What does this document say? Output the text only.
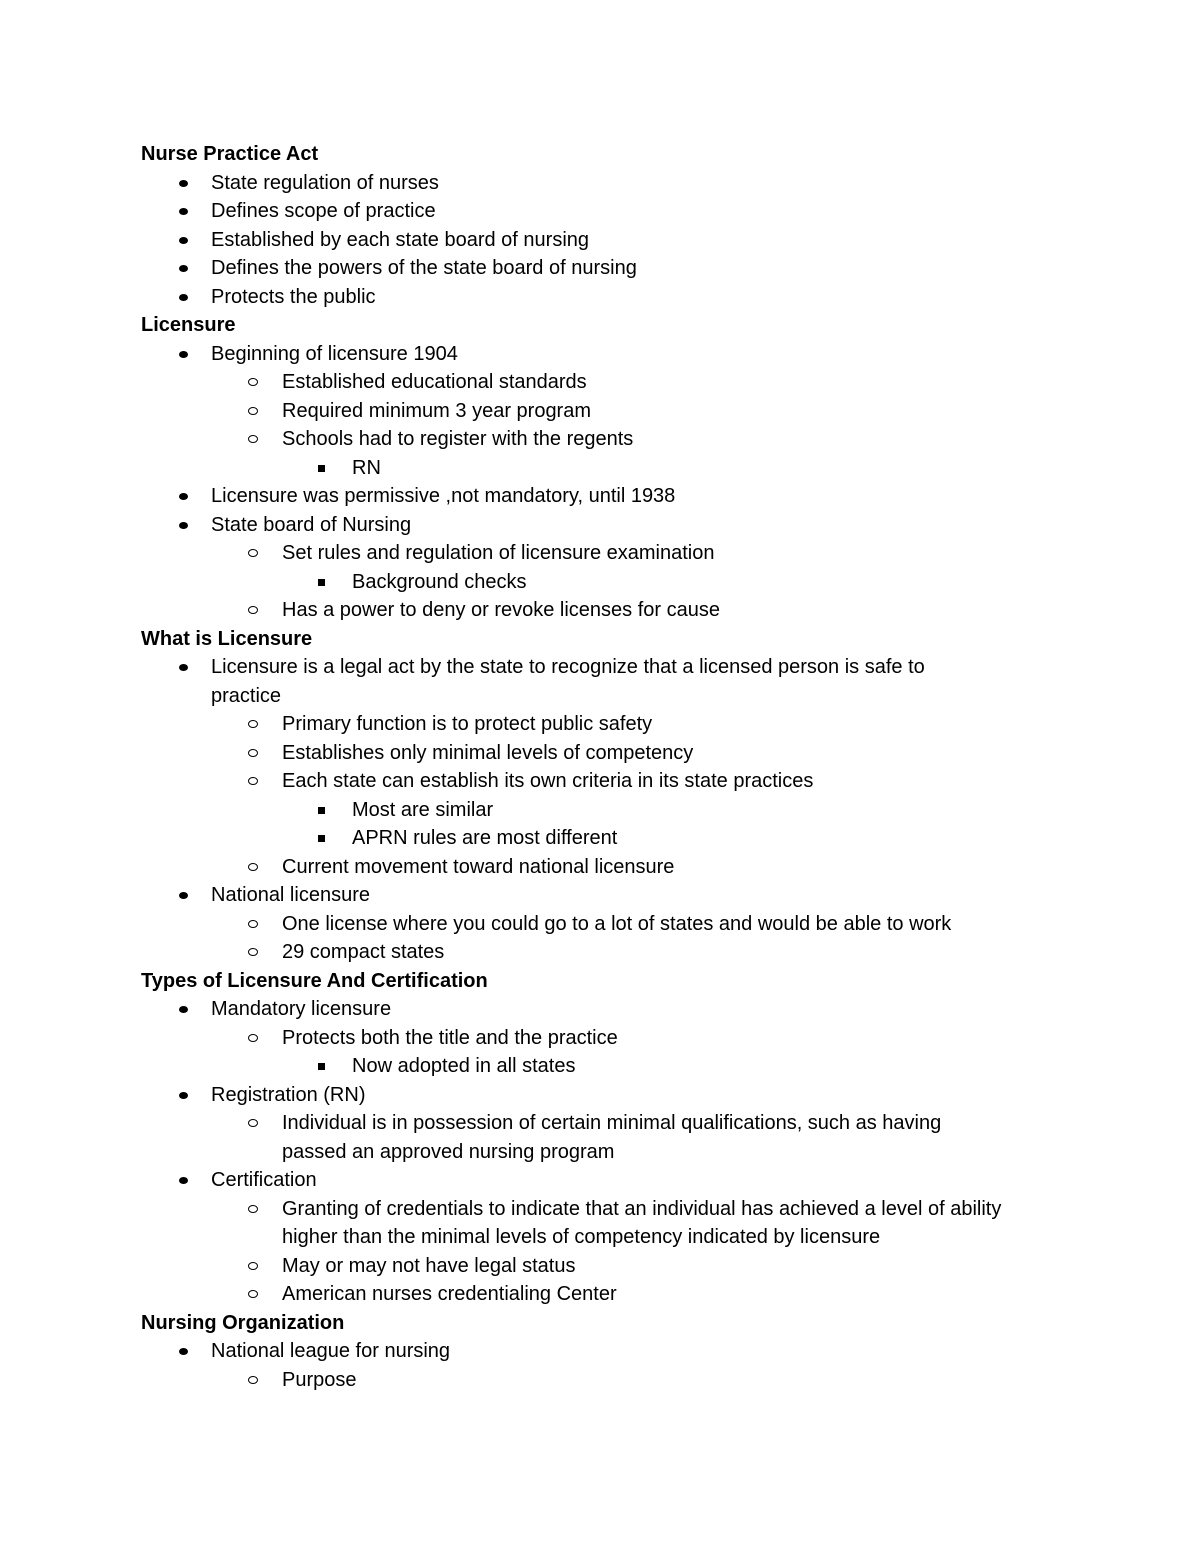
Nurse Practice Act
State regulation of nurses
Defines scope of practice
Established by each state board of nursing
Defines the powers of the state board of nursing
Protects the public
Licensure
Beginning of licensure 1904
Established educational standards
Required minimum 3 year program
Schools had to register with the regents
RN
Licensure was permissive ,not mandatory, until 1938
State board of Nursing
Set rules and regulation of licensure examination
Background checks
Has a power to deny or revoke licenses for cause
What is Licensure
Licensure is a legal act by the state to recognize that a licensed person is safe to
practice
Primary function is to protect public safety
Establishes only minimal levels of competency
Each state can establish its own criteria in its state practices
Most are similar
APRN rules are most different
Current movement toward national licensure
National licensure
One license where you could go to a lot of states and would be able to work
29 compact states
Types of Licensure And Certification
Mandatory licensure
Protects both the title and the practice
Now adopted in all states
Registration (RN)
Individual is in possession of certain minimal qualifications, such as having
passed an approved nursing program
Certification
Granting of credentials to indicate that an individual has achieved a level of ability
higher than the minimal levels of competency indicated by licensure
May or may not have legal status
American nurses credentialing Center
Nursing Organization
National league for nursing
Purpose
